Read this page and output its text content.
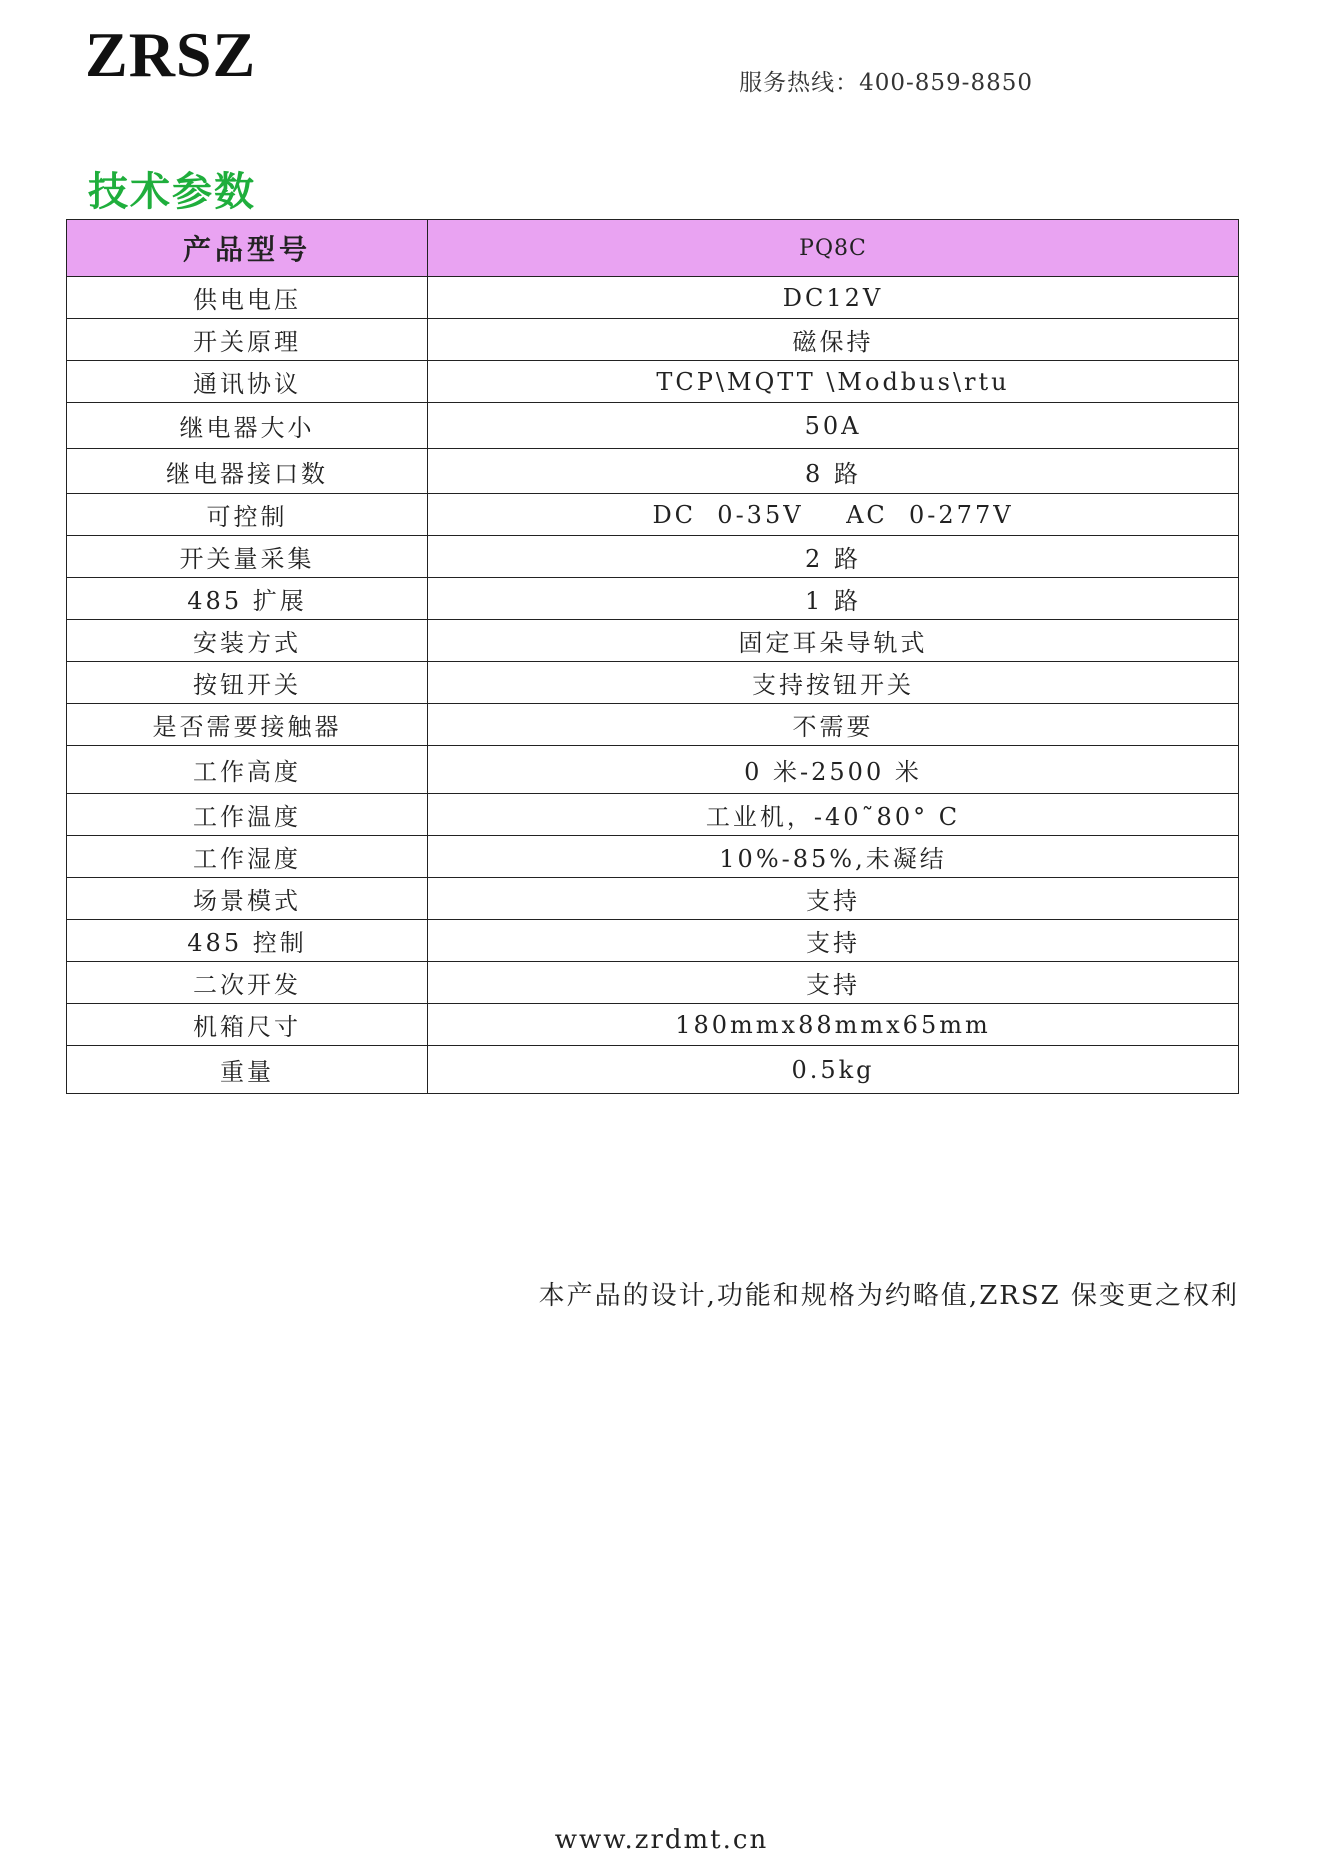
ZRSZ	服务热线：400-859-8850
技术参数
产品型号	PQ8C
供电电压	DC12V
开关原理	磁保持
通讯协议	TCP\MQTT \Modbus\rtu
继电器大小	50A
继电器接口数	8 路
可控制	DC  0-35V    AC  0-277V
开关量采集	2 路
485 扩展	1 路
安装方式	固定耳朵导轨式
按钮开关	支持按钮开关
是否需要接触器	不需要
工作高度	0 米-2500 米
工作温度	工业机，-40˜80° C
工作湿度	10%-85%,未凝结
场景模式	支持
485 控制	支持
二次开发	支持
机箱尺寸	180mmx88mmx65mm
重量	0.5kg
本产品的设计,功能和规格为约略值,ZRSZ 保变更之权利
www.zrdmt.cn
